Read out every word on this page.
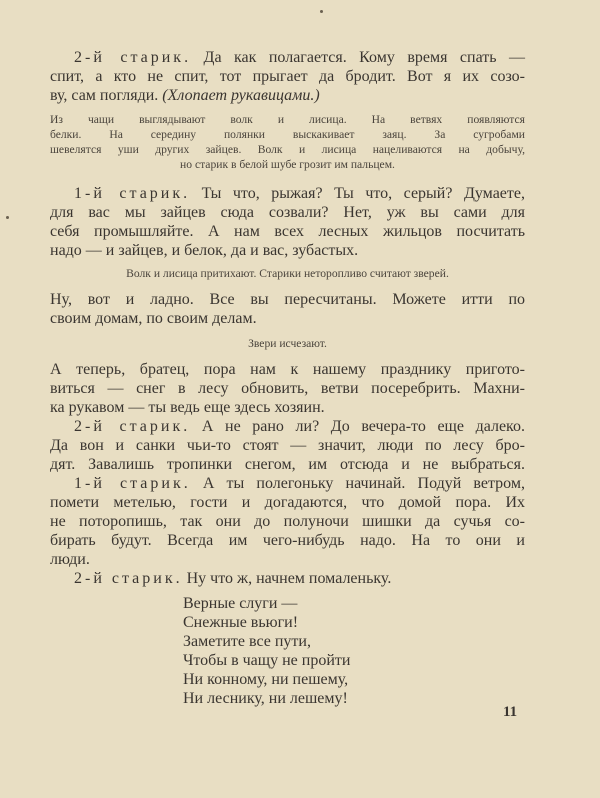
2-й старик. Да как полагается. Кому время спать —
спит, а кто не спит, тот прыгает да бродит. Вот я их созо-
ву, сам погляди. (Хлопает рукавицами.)
Из чащи выглядывают волк и лисица. На ветвях появляются
белки. На середину полянки выскакивает заяц. За сугробами
шевелятся уши других зайцев. Волк и лисица нацеливаются на добычу,
но старик в белой шубе грозит им пальцем.
1-й старик. Ты что, рыжая? Ты что, серый? Думаете,
для вас мы зайцев сюда созвали? Нет, уж вы сами для
себя промышляйте. А нам всех лесных жильцов посчитать
надо — и зайцев, и белок, да и вас, зубастых.
Волк и лисица притихают. Старики неторопливо считают зверей.
Ну, вот и ладно. Все вы пересчитаны. Можете итти по
своим домам, по своим делам.
Звери исчезают.
А теперь, братец, пора нам к нашему празднику пригото-
виться — снег в лесу обновить, ветви посеребрить. Махни-
ка рукавом — ты ведь еще здесь хозяин.
2-й старик. А не рано ли? До вечера-то еще далеко.
Да вон и санки чьи-то стоят — значит, люди по лесу бро-
дят. Завалишь тропинки снегом, им отсюда и не выбраться.
1-й старик. А ты полегоньку начинай. Подуй ветром,
помети метелью, гости и догадаются, что домой пора. Их
не поторопишь, так они до полуночи шишки да сучья со-
бирать будут. Всегда им чего-нибудь надо. На то они и
люди.
2-й старик. Ну что ж, начнем помаленьку.
Верные слуги —
Снежные вьюги!
Заметите все пути,
Чтобы в чащу не пройти
Ни конному, ни пешему,
Ни леснику, ни лешему!
11
